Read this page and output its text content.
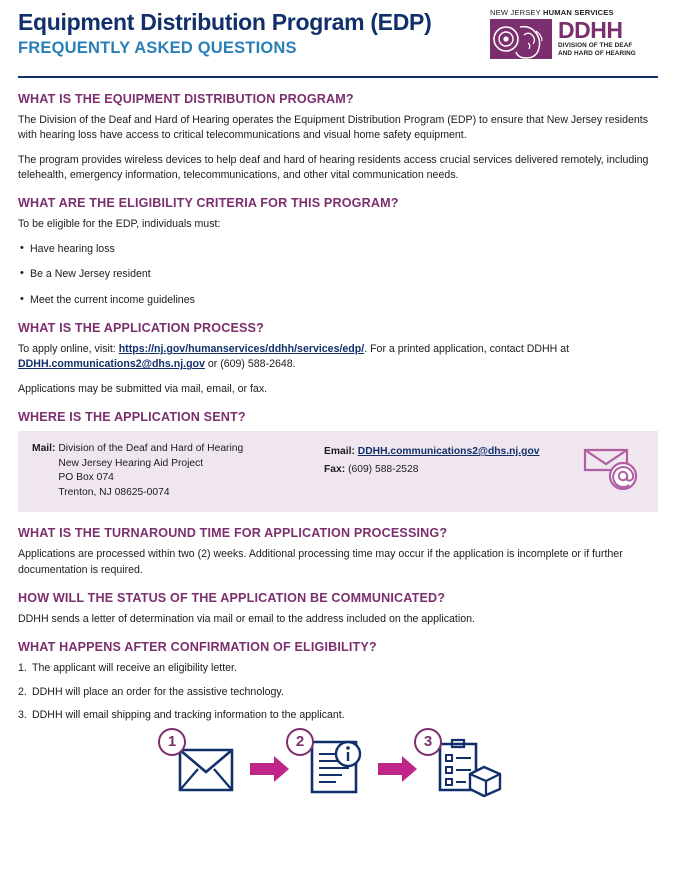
Equipment Distribution Program (EDP)
FREQUENTLY ASKED QUESTIONS
NEW JERSEY HUMAN SERVICES
DDHH
DIVISION OF THE DEAF
AND HARD OF HEARING
WHAT IS THE EQUIPMENT DISTRIBUTION PROGRAM?

The Division of the Deaf and Hard of Hearing operates the Equipment Distribution Program (EDP) to ensure that New Jersey residents with hearing loss have access to critical telecommunications and visual home safety equipment.

The program provides wireless devices to help deaf and hard of hearing residents access crucial services delivered remotely, including telehealth, emergency information, telecommunications, and other vital communication needs.

WHAT ARE THE ELIGIBILITY CRITERIA FOR THIS PROGRAM?

To be eligible for the EDP, individuals must:

• Have hearing loss
• Be a New Jersey resident
• Meet the current income guidelines
WHAT IS THE APPLICATION PROCESS?

To apply online, visit: https://nj.gov/humanservices/ddhh/services/edp/. For a printed application, contact DDHH at DDHH.communications2@dhs.nj.gov or (609) 588-2648.

Applications may be submitted via mail, email, or fax.

WHERE IS THE APPLICATION SENT?
Mail: Division of the Deaf and Hard of Hearing
New Jersey Hearing Aid Project
PO Box 074
Trenton, NJ 08625-0074
Email: DDHH.communications2@dhs.nj.gov
Fax: (609) 588-2528
WHAT IS THE TURNAROUND TIME FOR APPLICATION PROCESSING?

Applications are processed within two (2) weeks. Additional processing time may occur if the application is incomplete or if further documentation is required.

HOW WILL THE STATUS OF THE APPLICATION BE COMMUNICATED?

DDHH sends a letter of determination via mail or email to the address included on the application.

WHAT HAPPENS AFTER CONFIRMATION OF ELIGIBILITY?
The applicant will receive an eligibility letter.
DDHH will place an order for the assistive technology.
DDHH will email shipping and tracking information to the applicant.
1	2	3
